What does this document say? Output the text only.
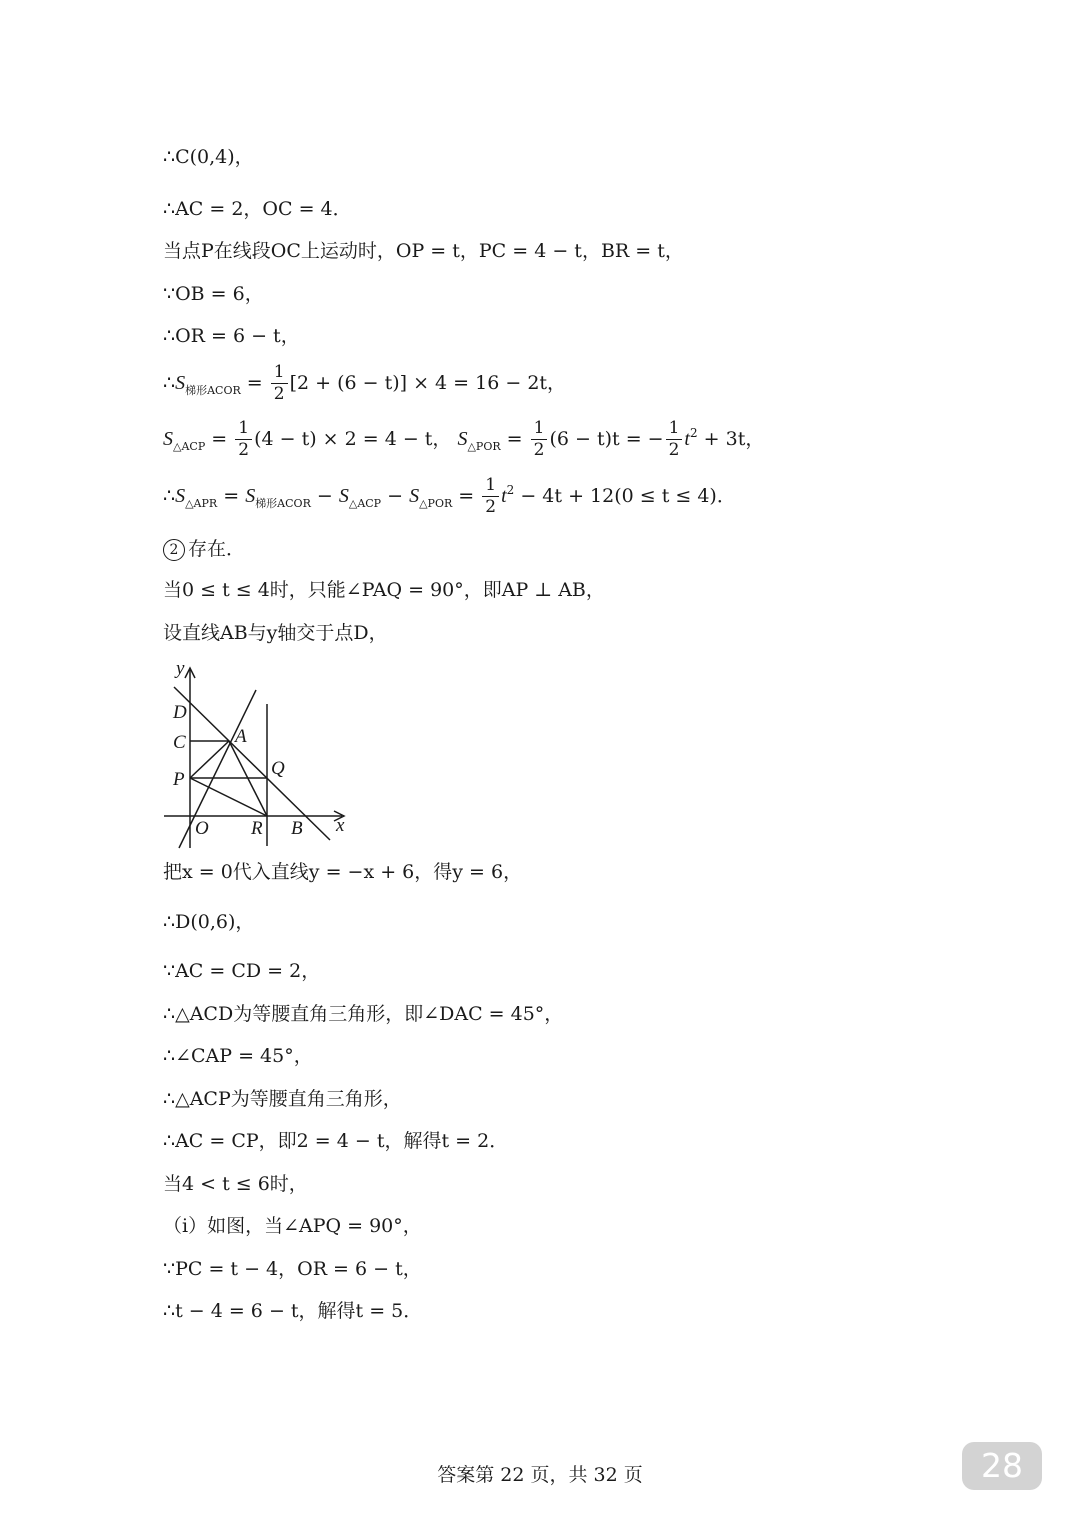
∴C(0,4)，
∴AC = 2，OC = 4．
当点P在线段OC上运动时，OP = t，PC = 4 − t，BR = t，
∵OB = 6，
∴OR = 6 − t，
$\therefore S_{梯形ACOR} = \frac{1}{2} [2 + (6 - t)] \times 4 = 16 - 2t$，
$S_{\triangle ACP} = \frac{1}{2} (4 - t) \times 2 = 4 - t$， $S_{\triangle POR} = \frac{1}{2} (6 - t)t$ = − $\frac{1}{2} t^2 + 3t$，
$\therefore S_{\triangle APR} = S_{梯形ACOR} - S_{\triangle ACP} - S_{\triangle POR} = \frac{1}{2} t^2 - 4t + 12(0 \le t \le 4)$．
2 存在．
当0 ≤ t ≤ 4时，只能∠PAQ = 90°，即AP ⊥ AB，
设直线AB与y轴交于点D，
y
D
C	A
P
Q
O R B x
把x = 0代入直线y = −x + 6，得y = 6，
∴D(0,6)，
∵AC = CD = 2，
∴△ACD为等腰直角三角形，即∠DAC = 45°，
∴∠CAP = 45°，
∴△ACP为等腰直角三角形，
∴AC = CP，即2 = 4 − t，解得t = 2．
当4 < t ≤ 6时，
（i）如图，当∠APQ = 90°，
∵PC = t − 4，OR = 6 − t，
∴t − 4 = 6 − t，解得t = 5．
答案第 22 页，共 32 页	28
